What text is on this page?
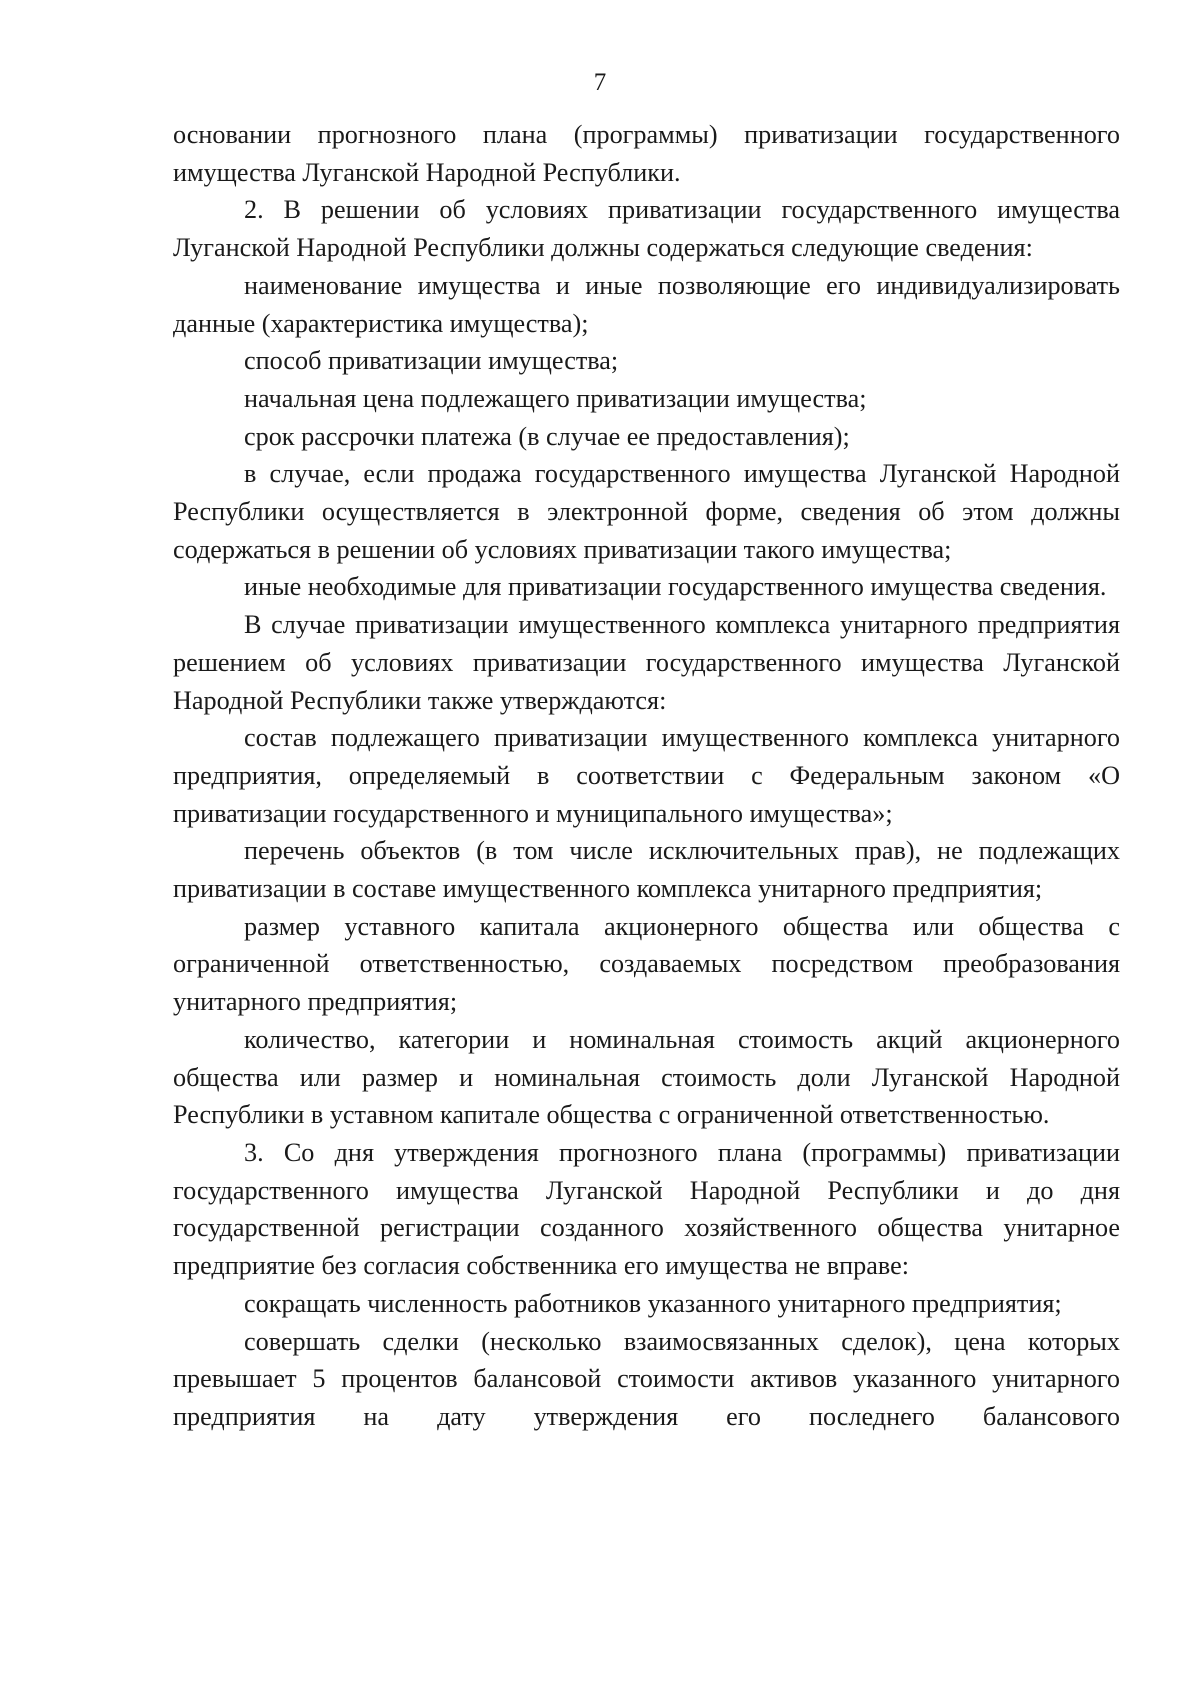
7

основании прогнозного плана (программы) приватизации государственного имущества Луганской Народной Республики.

2. В решении об условиях приватизации государственного имущества Луганской Народной Республики должны содержаться следующие сведения:

наименование имущества и иные позволяющие его индивидуализировать данные (характеристика имущества);

способ приватизации имущества;

начальная цена подлежащего приватизации имущества;

срок рассрочки платежа (в случае ее предоставления);

в случае, если продажа государственного имущества Луганской Народной Республики осуществляется в электронной форме, сведения об этом должны содержаться в решении об условиях приватизации такого имущества;

иные необходимые для приватизации государственного имущества сведения.

В случае приватизации имущественного комплекса унитарного предприятия решением об условиях приватизации государственного имущества Луганской Народной Республики также утверждаются:

состав подлежащего приватизации имущественного комплекса унитарного предприятия, определяемый в соответствии с Федеральным законом «О приватизации государственного и муниципального имущества»;

перечень объектов (в том числе исключительных прав), не подлежащих приватизации в составе имущественного комплекса унитарного предприятия;

размер уставного капитала акционерного общества или общества с ограниченной ответственностью, создаваемых посредством преобразования унитарного предприятия;

количество, категории и номинальная стоимость акций акционерного общества или размер и номинальная стоимость доли Луганской Народной Республики в уставном капитале общества с ограниченной ответственностью.

3. Со дня утверждения прогнозного плана (программы) приватизации государственного имущества Луганской Народной Республики и до дня государственной регистрации созданного хозяйственного общества унитарное предприятие без согласия собственника его имущества не вправе:

сокращать численность работников указанного унитарного предприятия;

совершать сделки (несколько взаимосвязанных сделок), цена которых превышает 5 процентов балансовой стоимости активов указанного унитарного предприятия на дату утверждения его последнего балансового
